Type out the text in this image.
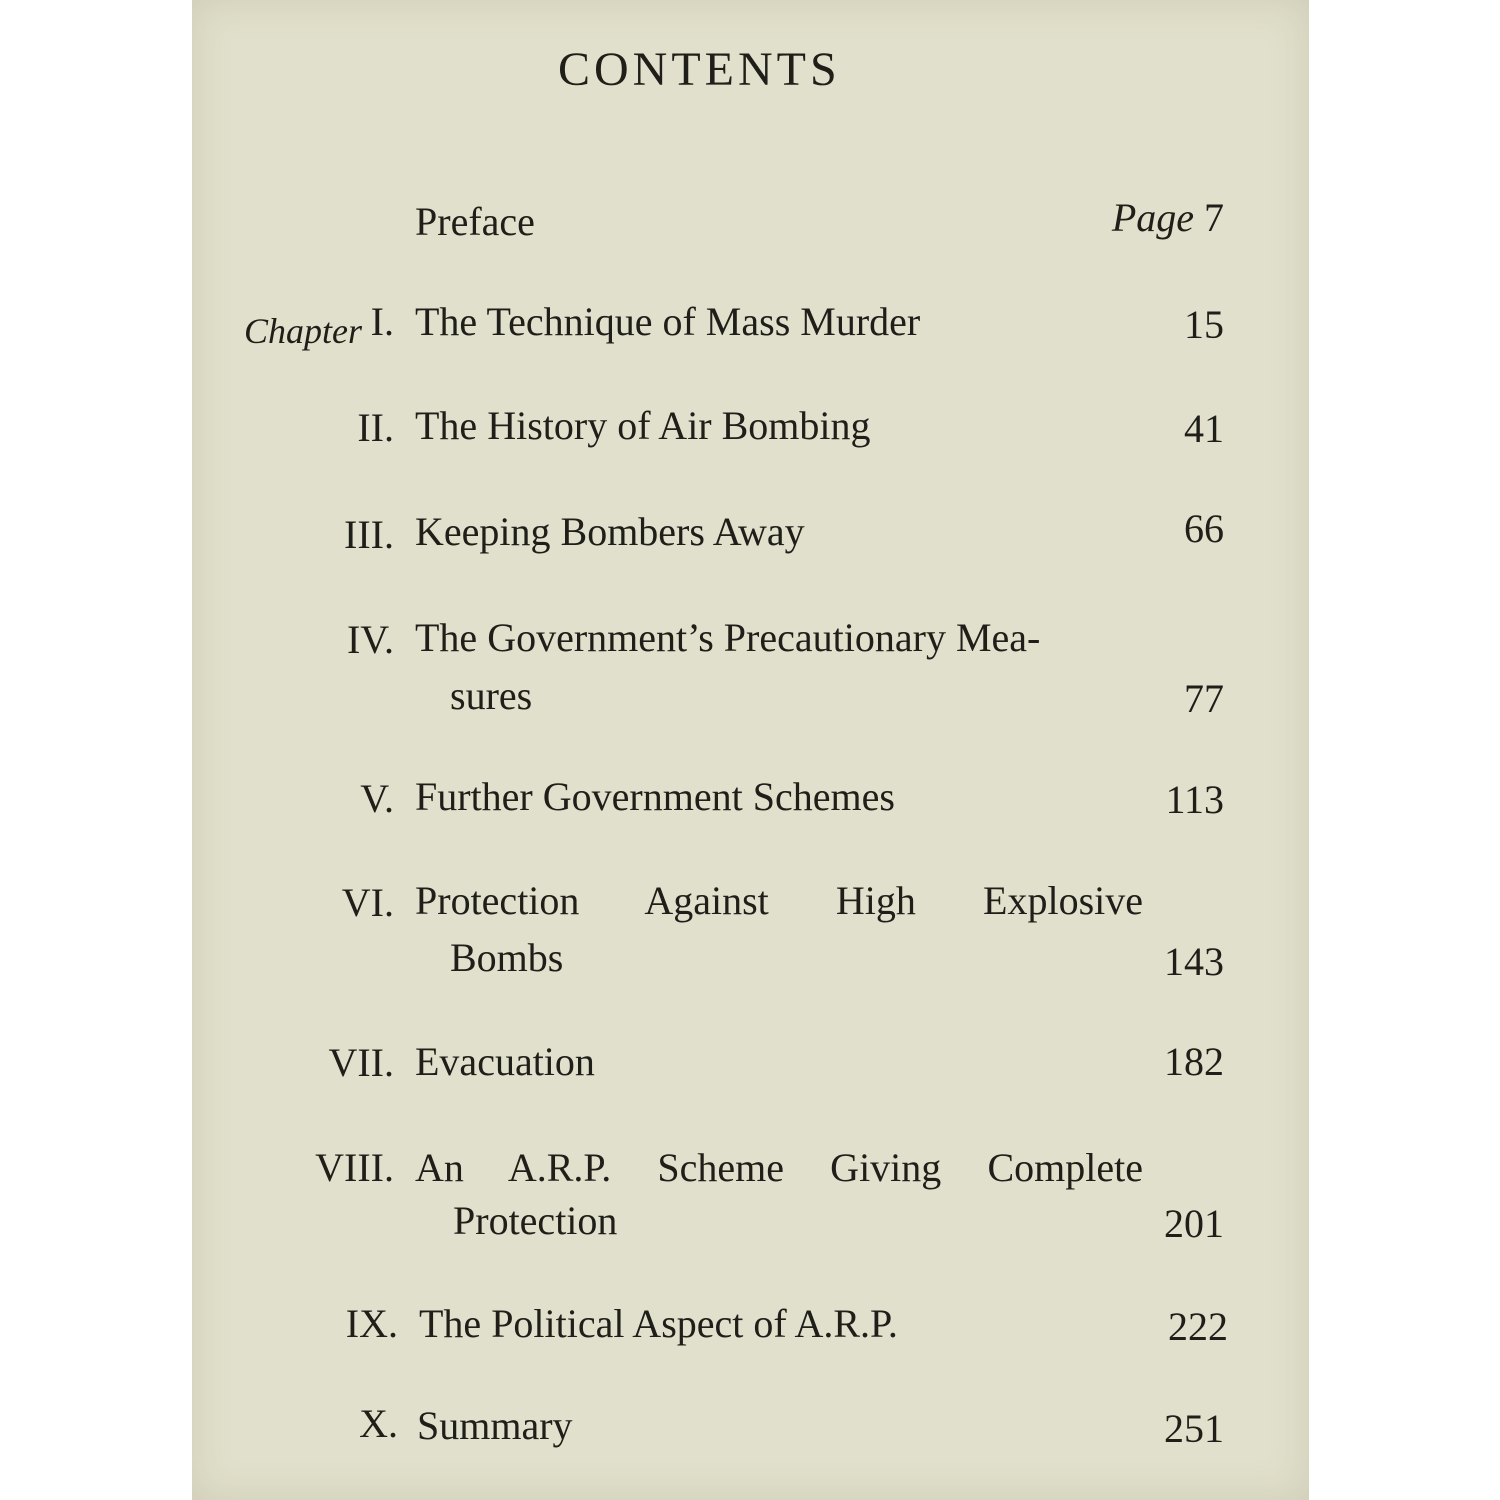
CONTENTS
Preface	Page 7
Chapter I. The Technique of Mass Murder	15
II. The History of Air Bombing	41
III. Keeping Bombers Away	66
IV. The Government’s Precautionary Mea-
sures	77
V. Further Government Schemes	113
VI. Protection Against High Explosive
Bombs	143
VII. Evacuation	182
VIII. An A.R.P. Scheme Giving Complete
Protection	201
IX. The Political Aspect of A.R.P.	222
X. Summary	251
